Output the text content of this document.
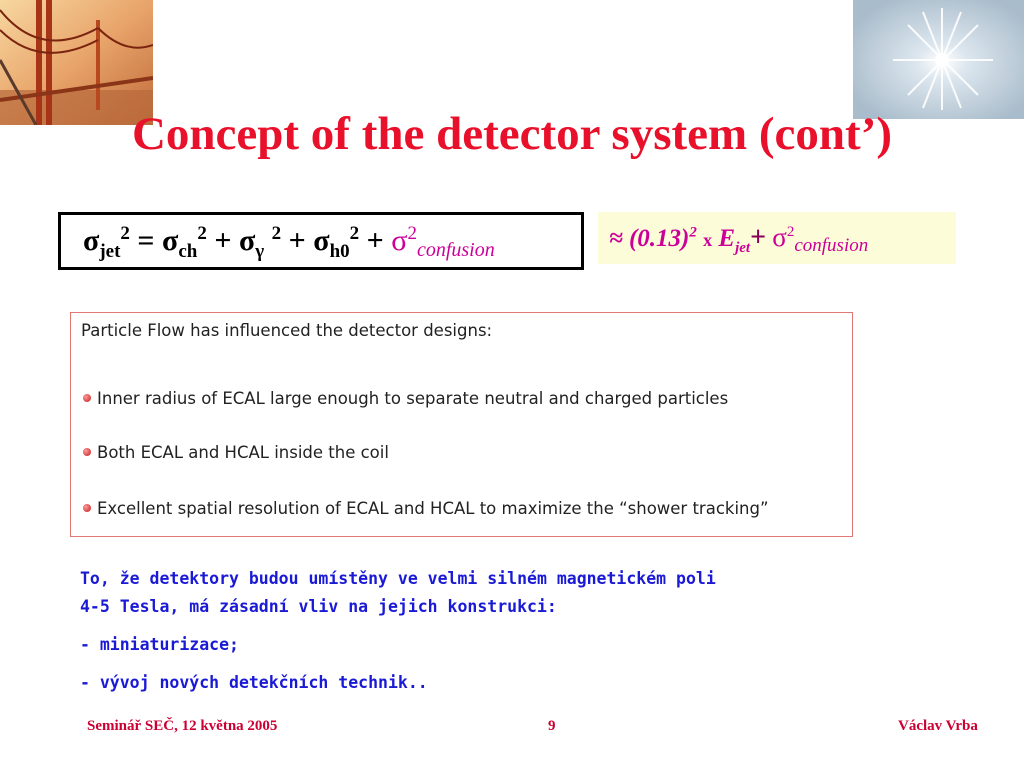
Concept of the detector system (cont’)
$\sigma_{jet}^2 = \sigma_{ch}^2 + \sigma_\gamma$ $^2 + \sigma_{h0}^2 + \sigma^2_{confusion}$	≈ $(0.13)^2$ x $E_{jet}+ \sigma^2_{confusion}$
Particle Flow has influenced the detector designs:
Inner radius of ECAL large enough to separate neutral and charged particles
Both ECAL and HCAL inside the coil
Excellent spatial resolution of ECAL and HCAL to maximize the “shower tracking”
To, že detektory budou umístěny ve velmi silném magnetickém poli
4-5 Tesla, má zásadní vliv na jejich konstrukci:
- miniaturizace;
- vývoj nových detekčních technik..
Seminář SEČ, 12 května 2005	9	Václav Vrba
